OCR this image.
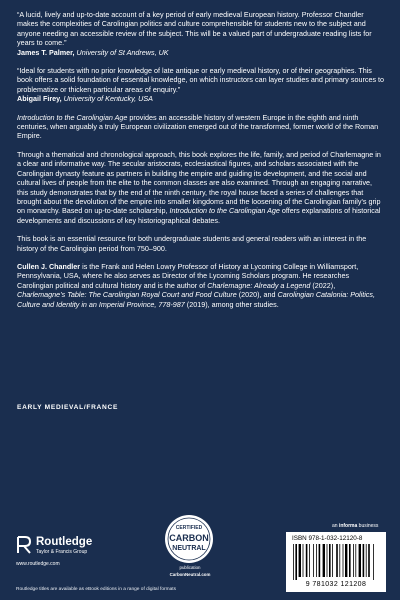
“A lucid, lively and up-to-date account of a key period of early medieval European history. Professor Chandler makes the complexities of Carolingian politics and culture comprehensible for students new to the subject and anyone needing an accessible review of the subject. This will be a valued part of undergraduate reading lists for years to come.”

James T. Palmer, University of St Andrews, UK

“Ideal for students with no prior knowledge of late antique or early medieval history, or of their geographies. This book offers a solid foundation of essential knowledge, on which instructors can layer studies and primary sources to problematize or thicken particular areas of enquiry.”

Abigail Firey, University of Kentucky, USA

Introduction to the Carolingian Age provides an accessible history of western Europe in the eighth and ninth centuries, when arguably a truly European civilization emerged out of the transformed, former world of the Roman Empire.

Through a thematical and chronological approach, this book explores the life, family, and period of Charlemagne in a clear and informative way. The secular aristocrats, ecclesiastical figures, and scholars associated with the Carolingian dynasty feature as partners in building the empire and guiding its development, and the social and cultural lives of people from the elite to the common classes are also examined. Through an engaging narrative, this study demonstrates that by the end of the ninth century, the royal house faced a series of challenges that brought about the devolution of the empire into smaller kingdoms and the loosening of the Carolingian family’s grip on monarchy. Based on up-to-date scholarship, Introduction to the Carolingian Age offers explanations of historical developments and discussions of key historiographical debates.

This book is an essential resource for both undergraduate students and general readers with an interest in the history of the Carolingian period from 750–900.

Cullen J. Chandler is the Frank and Helen Lowry Professor of History at Lycoming College in Williamsport, Pennsylvania, USA, where he also serves as Director of the Lycoming Scholars program. He researches Carolingian political and cultural history and is the author of Charlemagne: Already a Legend (2022), Charlemagne’s Table: The Carolingian Royal Court and Food Culture (2020), and Carolingian Catalonia: Politics, Culture and Identity in an Imperial Province, 778-987 (2019), among other studies.

EARLY MEDIEVAL/FRANCE
Routledge
Taylor & Francis Group
www.routledge.com
CERTIFIED
CARBON
NEUTRAL
publication
CarbonNeutral.com
an informa business
ISBN 978-1-032-12120-8
9 781032 121208
Routledge titles are available as eBook editions in a range of digital formats
